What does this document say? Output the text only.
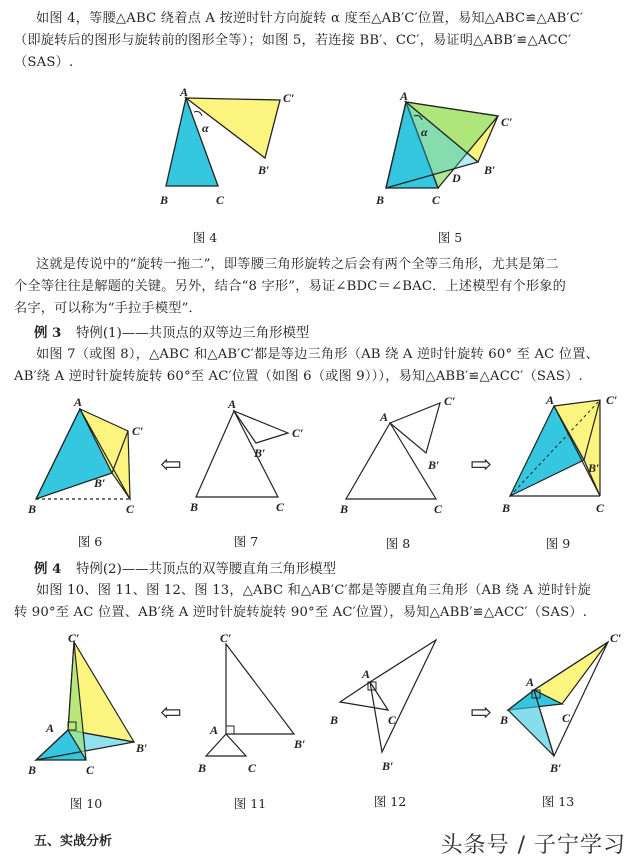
如图 4，等腰△ABC 绕着点 A 按逆时针方向旋转 α 度至△AB′C′位置，易知△ABC≌△AB′C′
（即旋转后的图形与旋转前的图形全等）；如图 5，若连接 BB′、CC′，易证明△ABB′≌△ACC′
（SAS）.
A
B	C
C′
B′
α
图 4
A
B	C
C′
B′
D
α
图 5
这就是传说中的“旋转一拖二”，即等腰三角形旋转之后会有两个全等三角形，尤其是第二
个全等往往是解题的关键。另外，结合“8 字形”，易证∠BDC＝∠BAC．上述模型有个形象的
名字，可以称为“手拉手模型”．
例 3 特例(1)——共顶点的双等边三角形模型
如图 7（或图 8），△ABC 和△AB′C′都是等边三角形（AB 绕 A 逆时针旋转 60° 至 AC 位置、
AB′绕 A 逆时针旋转旋转 60°至 AC′位置（如图 6（或图 9））），易知△ABB′≌△ACC′（SAS）.
A
B	C
C′
B′
图 6
⇦
A
B	C
C′
B′
图 7
A
B	C
C′
B′
图 8
⇨
A
B	C
C′
B′
图 9
例 4 特例(2)——共顶点的双等腰直角三角形模型
如图 10、图 11、图 12、图 13，△ABC 和△AB′C′都是等腰直角三角形（AB 绕 A 逆时针旋
转 90°至 AC 位置、AB′绕 A 逆时针旋转旋转 90°至 AC′位置），易知△ABB′≌△ACC′（SAS）.
C′
A
B	C
B′
图 10
⇦
C′
A
B	C
B′
图 11
A
B	C
B′
图 12
⇨
A
B	C
C′
B′
图 13
五、实战分析	头条号 / 子宁学习
